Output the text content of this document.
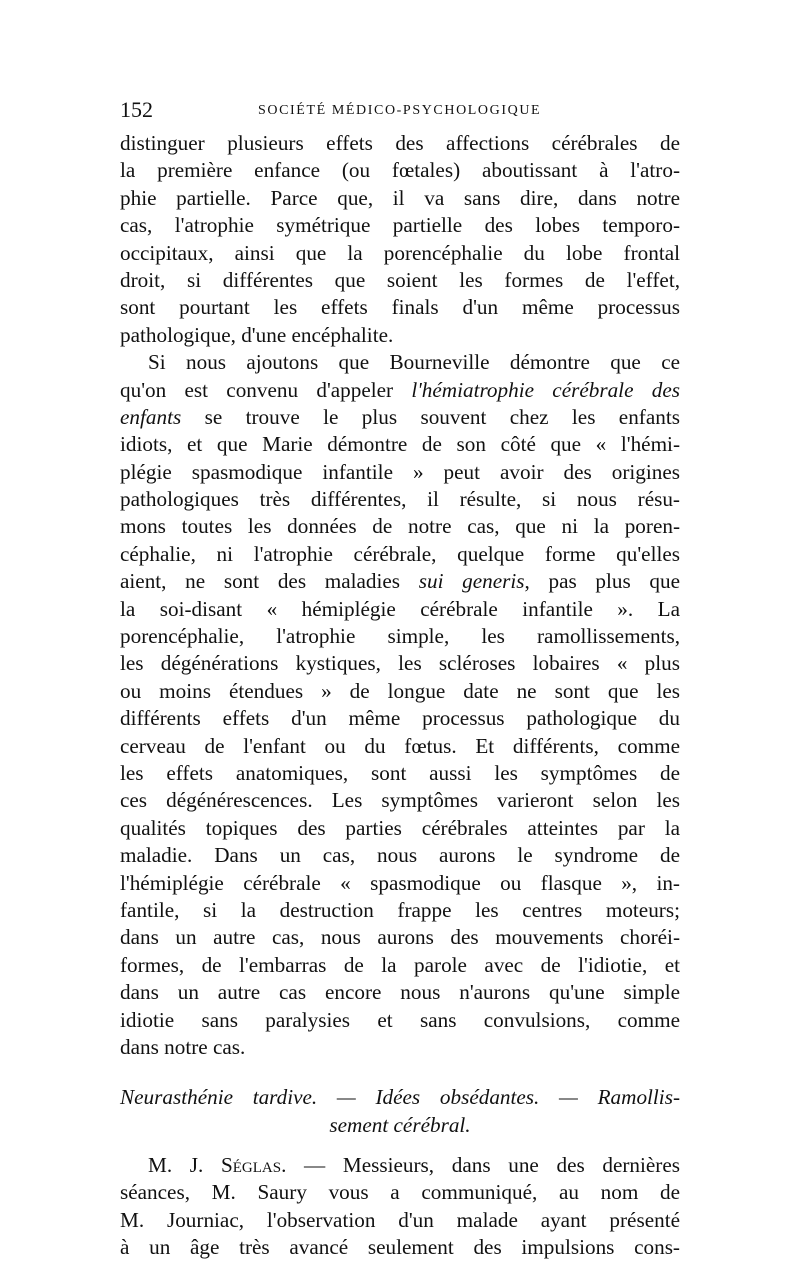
152	SOCIÉTÉ MÉDICO-PSYCHOLOGIQUE
distinguer plusieurs effets des affections cérébrales de
la première enfance (ou fœtales) aboutissant à l'atro-
phie partielle. Parce que, il va sans dire, dans notre
cas, l'atrophie symétrique partielle des lobes temporo-
occipitaux, ainsi que la porencéphalie du lobe frontal
droit, si différentes que soient les formes de l'effet,
sont pourtant les effets finals d'un même processus
pathologique, d'une encéphalite.
Si nous ajoutons que Bourneville démontre que ce
qu'on est convenu d'appeler l'hémiatrophie cérébrale des
enfants se trouve le plus souvent chez les enfants
idiots, et que Marie démontre de son côté que « l'hémi-
plégie spasmodique infantile » peut avoir des origines
pathologiques très différentes, il résulte, si nous résu-
mons toutes les données de notre cas, que ni la poren-
céphalie, ni l'atrophie cérébrale, quelque forme qu'elles
aient, ne sont des maladies sui generis, pas plus que
la soi-disant « hémiplégie cérébrale infantile ». La
porencéphalie, l'atrophie simple, les ramollissements,
les dégénérations kystiques, les scléroses lobaires « plus
ou moins étendues » de longue date ne sont que les
différents effets d'un même processus pathologique du
cerveau de l'enfant ou du fœtus. Et différents, comme
les effets anatomiques, sont aussi les symptômes de
ces dégénérescences. Les symptômes varieront selon les
qualités topiques des parties cérébrales atteintes par la
maladie. Dans un cas, nous aurons le syndrome de
l'hémiplégie cérébrale « spasmodique ou flasque », in-
fantile, si la destruction frappe les centres moteurs;
dans un autre cas, nous aurons des mouvements choréi-
formes, de l'embarras de la parole avec de l'idiotie, et
dans un autre cas encore nous n'aurons qu'une simple
idiotie sans paralysies et sans convulsions, comme
dans notre cas.
Neurasthénie tardive. — Idées obsédantes. — Ramollis-
sement cérébral.
M. J. Séglas. — Messieurs, dans une des dernières
séances, M. Saury vous a communiqué, au nom de
M. Journiac, l'observation d'un malade ayant présenté
à un âge très avancé seulement des impulsions cons-
